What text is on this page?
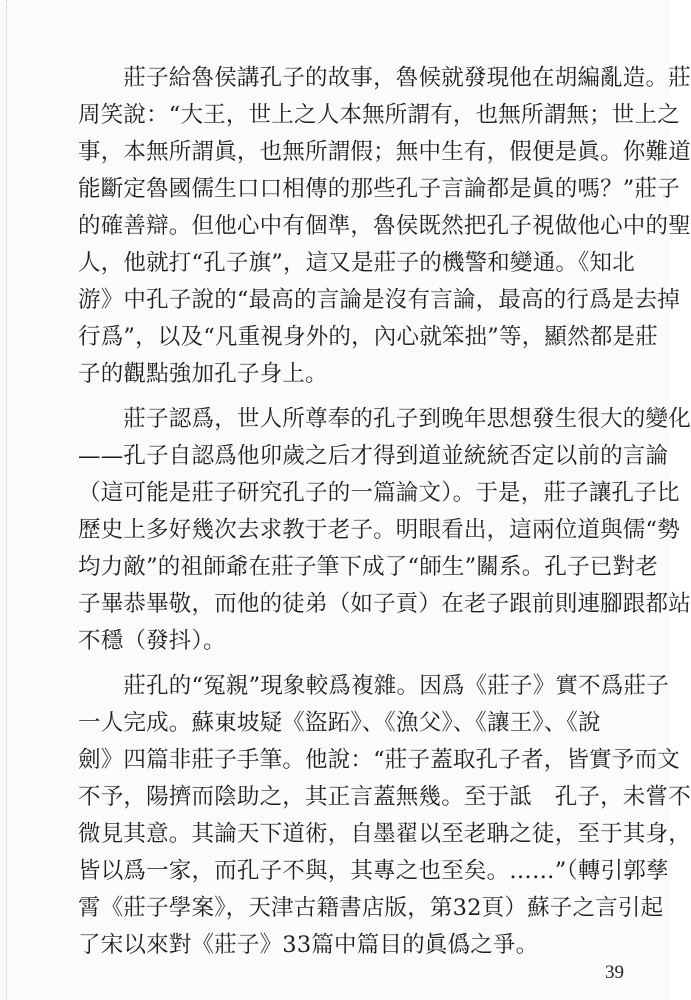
　　莊子給魯侯講孔子的故事，魯候就發現他在胡編亂造。莊
周笑說：“大王，世上之人本無所謂有，也無所謂無；世上之
事，本無所謂眞，也無所謂假；無中生有，假便是眞。你難道
能斷定魯國儒生口口相傳的那些孔子言論都是眞的嗎？”莊子
的確善辯。但他心中有個準，魯侯既然把孔子視做他心中的聖
人，他就打“孔子旗”，這又是莊子的機警和變通。《知北
游》中孔子說的“最高的言論是沒有言論，最高的行爲是去掉
行爲”，以及“凡重視身外的，內心就笨拙”等，顯然都是莊
子的觀點強加孔子身上。

　　莊子認爲，世人所尊奉的孔子到晚年思想發生很大的變化
——孔子自認爲他卯歲之后才得到道並統統否定以前的言論
（這可能是莊子研究孔子的一篇論文）。于是，莊子讓孔子比
歷史上多好幾次去求教于老子。明眼看出，這兩位道與儒“勢
均力敵”的祖師爺在莊子筆下成了“師生”關系。孔子已對老
子畢恭畢敬，而他的徒弟（如子貢）在老子跟前則連腳跟都站
不穩（發抖）。

　　莊孔的“冤親”現象較爲複雜。因爲《莊子》實不爲莊子
一人完成。蘇東坡疑《盜跖》、《漁父》、《讓王》、《說
劍》四篇非莊子手筆。他說：“莊子蓋取孔子者，皆實予而文
不予，陽擠而陰助之，其正言蓋無幾。至于詆　孔子，未嘗不
微見其意。其論天下道術，自墨翟以至老聃之徒，至于其身，
皆以爲一家，而孔子不與，其專之也至矣。……”（轉引郭孳
霄《莊子學案》，天津古籍書店版，第32頁）蘇子之言引起
了宋以來對《莊子》33篇中篇目的眞僞之爭。

39
